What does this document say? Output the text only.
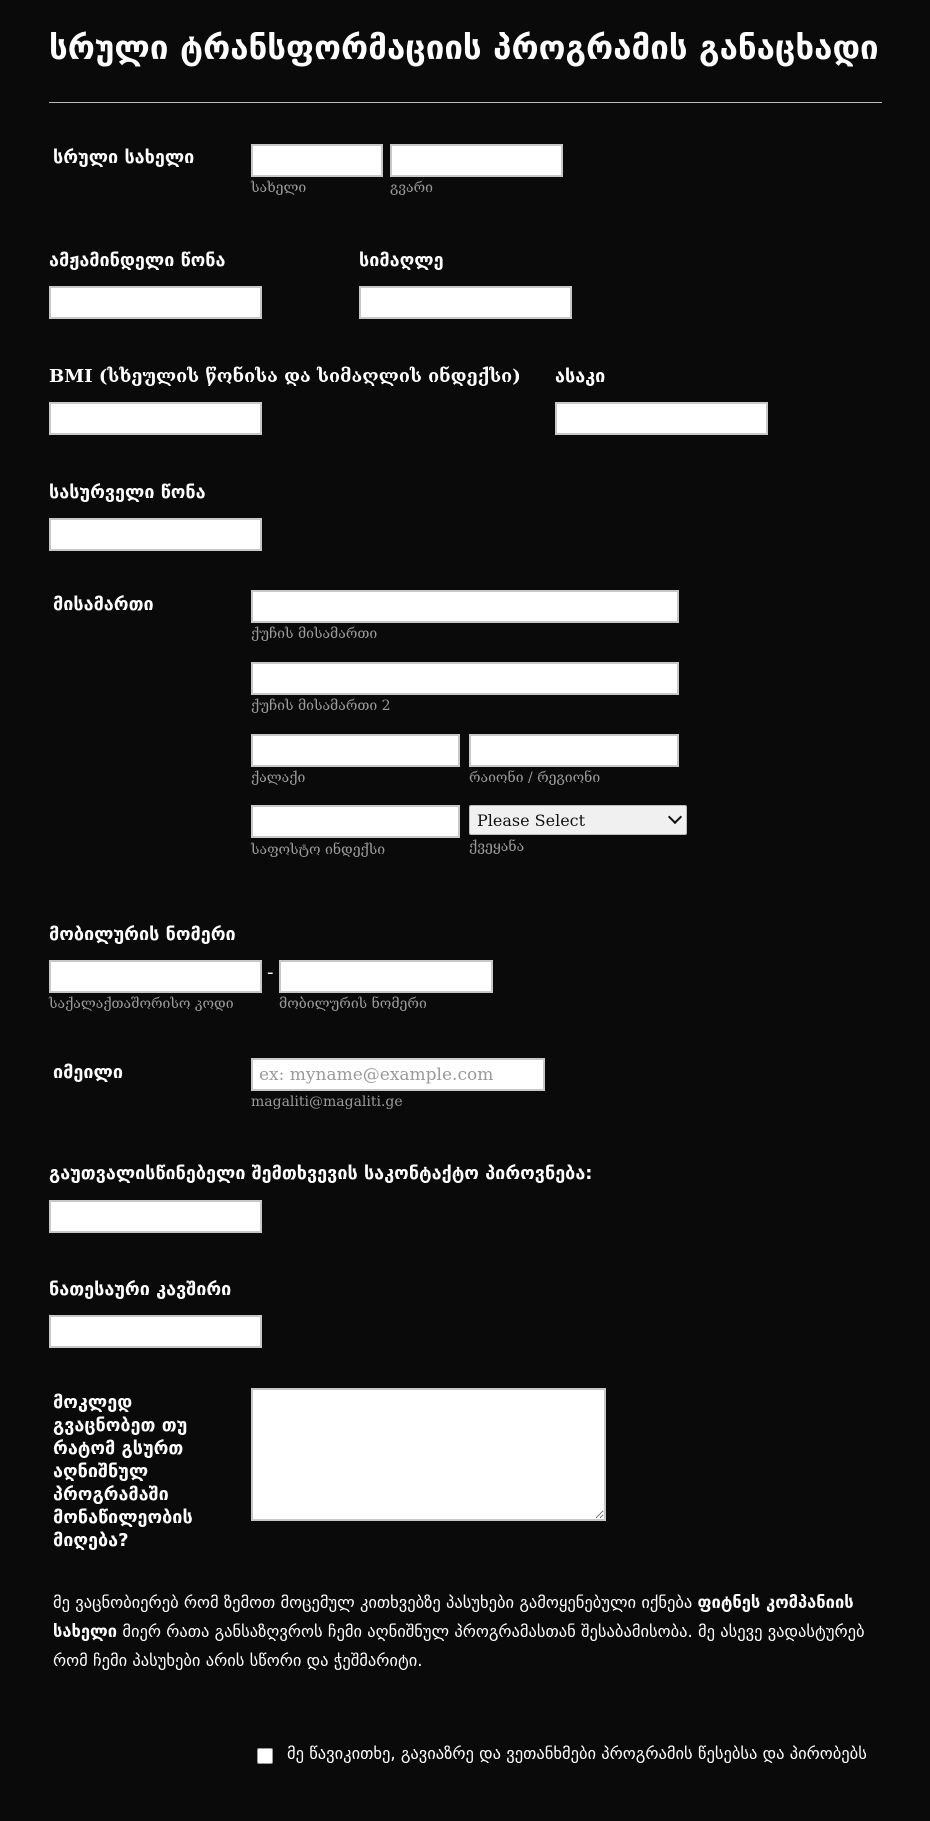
სრული ტრანსფორმაციის პროგრამის განაცხადი
სრული სახელი
სახელი	გვარი
ამჟამინდელი წონა	სიმაღლე
BMI (სხეულის წონისა და სიმაღლის ინდექსი) ასაკი
სასურველი წონა
მისამართი
ქუჩის მისამართი
ქუჩის მისამართი 2
ქალაქი	რაიონი / რეგიონი
საფოსტო ინდექსი
Please Select	ქვეყანა
მობილურის ნომერი
-
საქალაქთაშორისო კოდი	მობილურის ნომერი
იმეილი
ex: myname@example.com
magaliti@magaliti.ge
გაუთვალისწინებელი შემთხვევის საკონტაქტო პიროვნება:
ნათესაური კავშირი
მოკლედ გვაცნობეთ თუ რატომ გსურთ აღნიშნულ პროგრამაში მონაწილეობის მიღება?
მე ვაცნობიერებ რომ ზემოთ მოცემულ კითხვებზე პასუხები გამოყენებული იქნება ფიტნეს კომპანიის სახელი მიერ რათა განსაზღვროს ჩემი აღნიშნულ პროგრამასთან შესაბამისობა. მე ასევე ვადასტურებ რომ ჩემი პასუხები არის სწორი და ჭეშმარიტი.
მე წავიკითხე, გავიაზრე და ვეთანხმები პროგრამის წესებსა და პირობებს
